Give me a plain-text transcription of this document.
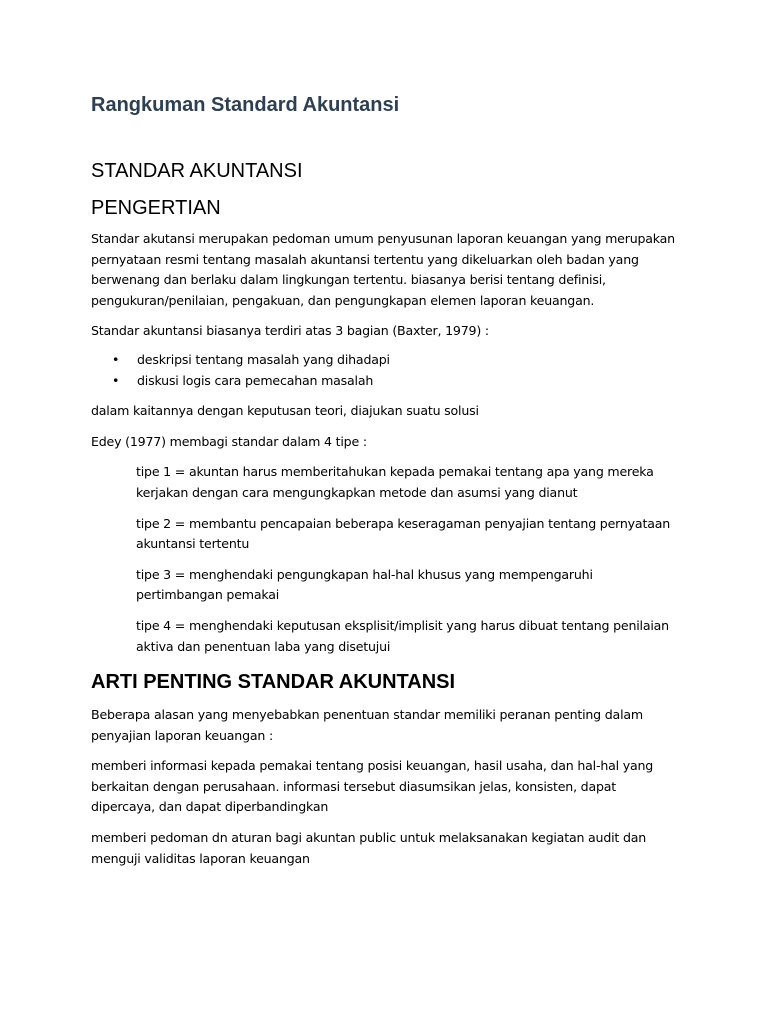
Rangkuman Standard Akuntansi
STANDAR AKUNTANSI
PENGERTIAN

Standar akutansi merupakan pedoman umum penyusunan laporan keuangan yang merupakan pernyataan resmi tentang masalah akuntansi tertentu yang dikeluarkan oleh badan yang berwenang dan berlaku dalam lingkungan tertentu. biasanya berisi tentang definisi, pengukuran/penilaian, pengakuan, dan pengungkapan elemen laporan keuangan.

Standar akuntansi biasanya terdiri atas 3 bagian (Baxter, 1979) :

• deskripsi tentang masalah yang dihadapi
• diskusi logis cara pemecahan masalah

dalam kaitannya dengan keputusan teori, diajukan suatu solusi

Edey (1977) membagi standar dalam 4 tipe :

tipe 1 = akuntan harus memberitahukan kepada pemakai tentang apa yang mereka kerjakan dengan cara mengungkapkan metode dan asumsi yang dianut

tipe 2 = membantu pencapaian beberapa keseragaman penyajian tentang pernyataan akuntansi tertentu

tipe 3 = menghendaki pengungkapan hal-hal khusus yang mempengaruhi pertimbangan pemakai

tipe 4 = menghendaki keputusan eksplisit/implisit yang harus dibuat tentang penilaian aktiva dan penentuan laba yang disetujui

ARTI PENTING STANDAR AKUNTANSI

Beberapa alasan yang menyebabkan penentuan standar memiliki peranan penting dalam penyajian laporan keuangan :

memberi informasi kepada pemakai tentang posisi keuangan, hasil usaha, dan hal-hal yang berkaitan dengan perusahaan. informasi tersebut diasumsikan jelas, konsisten, dapat dipercaya, dan dapat diperbandingkan

memberi pedoman dn aturan bagi akuntan public untuk melaksanakan kegiatan audit dan menguji validitas laporan keuangan
